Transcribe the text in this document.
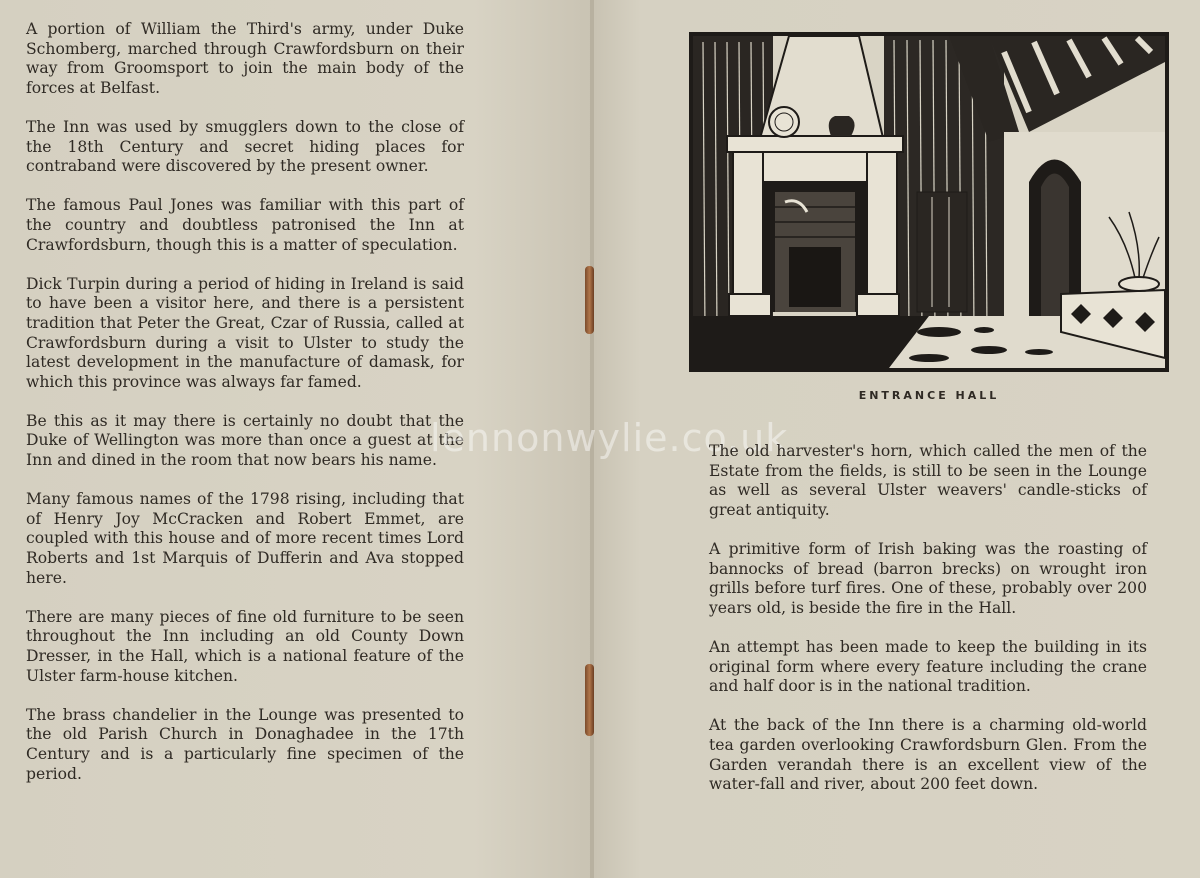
A portion of William the Third's army, under Duke Schomberg, marched through Crawfordsburn on their way from Groomsport to join the main body of the forces at Belfast.

The Inn was used by smugglers down to the close of the 18th Century and secret hiding places for contraband were discovered by the present owner.

The famous Paul Jones was familiar with this part of the country and doubtless patronised the Inn at Crawfordsburn, though this is a matter of speculation.

Dick Turpin during a period of hiding in Ireland is said to have been a visitor here, and there is a persistent tradition that Peter the Great, Czar of Russia, called at Crawfordsburn during a visit to Ulster to study the latest development in the manufacture of damask, for which this province was always far famed.

Be this as it may there is certainly no doubt that the Duke of Wellington was more than once a guest at the Inn and dined in the room that now bears his name.

Many famous names of the 1798 rising, including that of Henry Joy McCracken and Robert Emmet, are coupled with this house and of more recent times Lord Roberts and 1st Marquis of Dufferin and Ava stopped here.

There are many pieces of fine old furniture to be seen throughout the Inn including an old County Down Dresser, in the Hall, which is a national feature of the Ulster farm-house kitchen.

The brass chandelier in the Lounge was presented to the old Parish Church in Donaghadee in the 17th Century and is a particularly fine specimen of the period.

ENTRANCE HALL
lennonwylie.co.uk

The old harvester's horn, which called the men of the Estate from the fields, is still to be seen in the Lounge as well as several Ulster weavers' candle-sticks of great antiquity.

A primitive form of Irish baking was the roasting of bannocks of bread (barron brecks) on wrought iron grills before turf fires. One of these, probably over 200 years old, is beside the fire in the Hall.

An attempt has been made to keep the building in its original form where every feature including the crane and half door is in the national tradition.

At the back of the Inn there is a charming old-world tea garden overlooking Crawfordsburn Glen. From the Garden verandah there is an excellent view of the water-fall and river, about 200 feet down.
